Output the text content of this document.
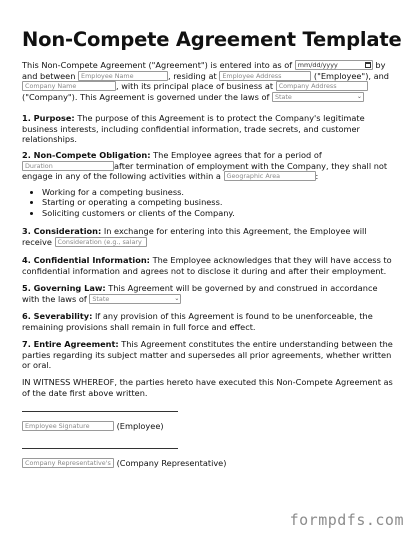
Non-Compete Agreement Template
This Non-Compete Agreement ("Agreement") is entered into as of mm/dd/yyyy	by
and between Employee Name	, residing at Employee Address	("Employee"), and
Company Name	, with its principal place of business at Company Address
("Company"). This Agreement is governed under the laws of State	⌄
1. Purpose: The purpose of this Agreement is to protect the Company's legitimate business interests, including confidential information, trade secrets, and customer relationships.
2. Non-Compete Obligation: The Employee agrees that for a period of
Duration	after termination of employment with the Company, they shall not
engage in any of the following activities within a Geographic Area	:
• Working for a competing business.
• Starting or operating a competing business.
• Soliciting customers or clients of the Company.
3. Consideration: In exchange for entering into this Agreement, the Employee will
receive Consideration (e.g., salary
4. Confidential Information: The Employee acknowledges that they will have access to confidential information and agrees not to disclose it during and after their employment.
5. Governing Law: This Agreement will be governed by and construed in accordance
with the laws of State	⌄
6. Severability: If any provision of this Agreement is found to be unenforceable, the remaining provisions shall remain in full force and effect.
7. Entire Agreement: This Agreement constitutes the entire understanding between the parties regarding its subject matter and supersedes all prior agreements, whether written or oral.
IN WITNESS WHEREOF, the parties hereto have executed this Non-Compete Agreement as of the date first above written.
Employee Signature	(Employee)
Company Representative's (Company Representative)
formpdfs.com
